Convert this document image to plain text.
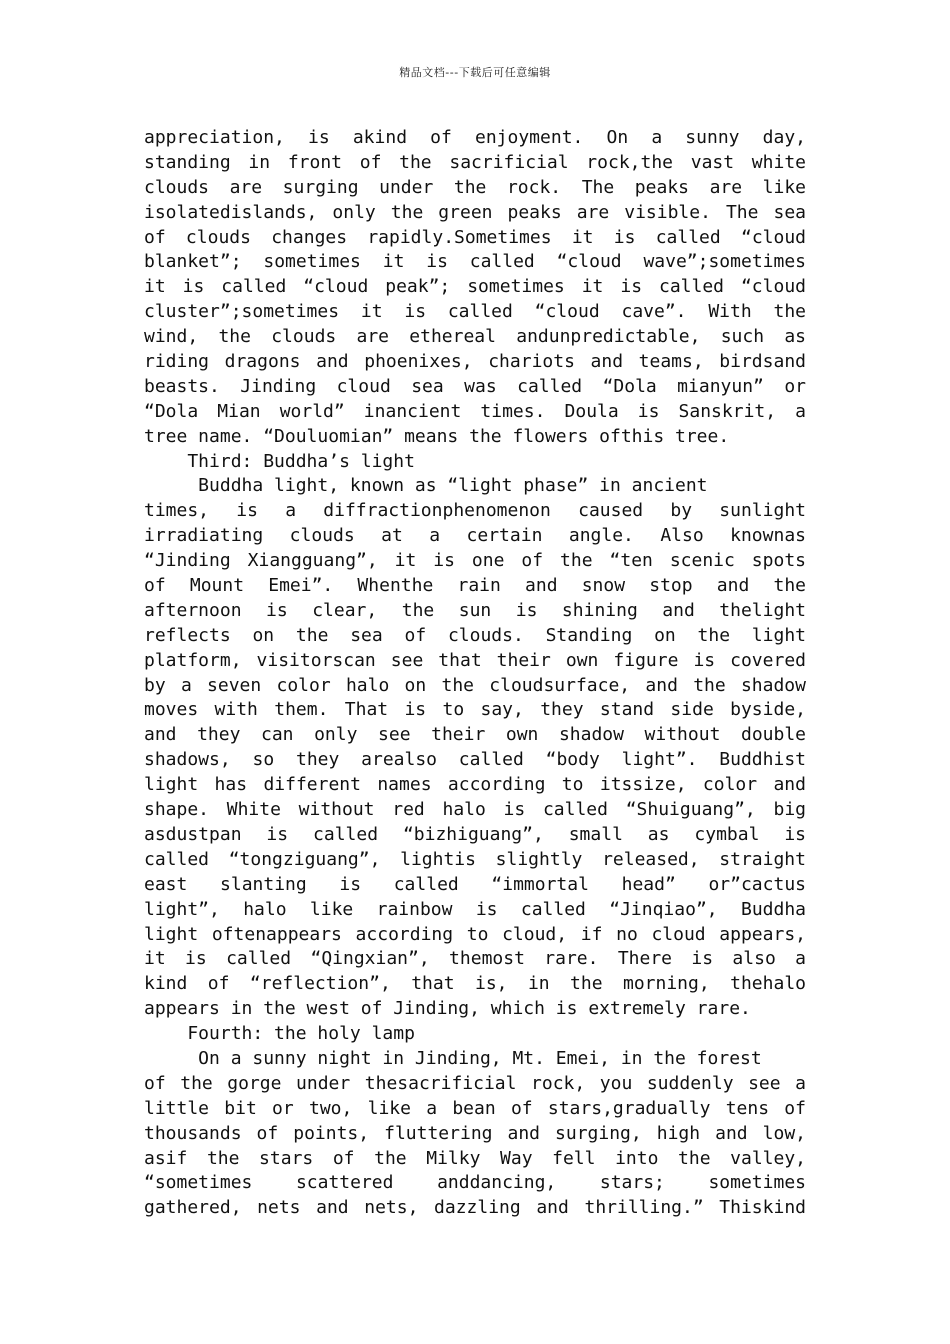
精品文档---下载后可任意编辑
appreciation, is akind of enjoyment. On a sunny day,
standing in front of the sacrificial rock,the vast white
clouds are surging under the rock. The peaks are like
isolatedislands, only the green peaks are visible. The sea
of clouds changes rapidly.Sometimes it is called “cloud
blanket”; sometimes it is called “cloud wave”;sometimes
it is called “cloud peak”; sometimes it is called “cloud
cluster”;sometimes it is called “cloud cave”. With the
wind, the clouds are ethereal andunpredictable, such as
riding dragons and phoenixes, chariots and teams, birdsand
beasts. Jinding cloud sea was called “Dola mianyun” or
“Dola Mian world” inancient times. Doula is Sanskrit, a
tree name. “Douluomian” means the flowers ofthis tree.
Third: Buddha’s light
Buddha light, known as “light phase” in ancient
times, is a diffractionphenomenon caused by sunlight
irradiating clouds at a certain angle. Also knownas
“Jinding Xiangguang”, it is one of the “ten scenic spots
of Mount Emei”. Whenthe rain and snow stop and the
afternoon is clear, the sun is shining and thelight
reflects on the sea of clouds. Standing on the light
platform, visitorscan see that their own figure is covered
by a seven color halo on the cloudsurface, and the shadow
moves with them. That is to say, they stand side byside,
and they can only see their own shadow without double
shadows, so they arealso called “body light”. Buddhist
light has different names according to itssize, color and
shape. White without red halo is called “Shuiguang”, big
asdustpan is called “bizhiguang”, small as cymbal is
called “tongziguang”, lightis slightly released, straight
east slanting is called “immortal head” or”cactus
light”, halo like rainbow is called “Jinqiao”, Buddha
light oftenappears according to cloud, if no cloud appears,
it is called “Qingxian”, themost rare. There is also a
kind of “reflection”, that is, in the morning, thehalo
appears in the west of Jinding, which is extremely rare.
Fourth: the holy lamp
On a sunny night in Jinding, Mt. Emei, in the forest
of the gorge under thesacrificial rock, you suddenly see a
little bit or two, like a bean of stars,gradually tens of
thousands of points, fluttering and surging, high and low,
asif the stars of the Milky Way fell into the valley,
“sometimes scattered anddancing, stars; sometimes
gathered, nets and nets, dazzling and thrilling.” Thiskind
